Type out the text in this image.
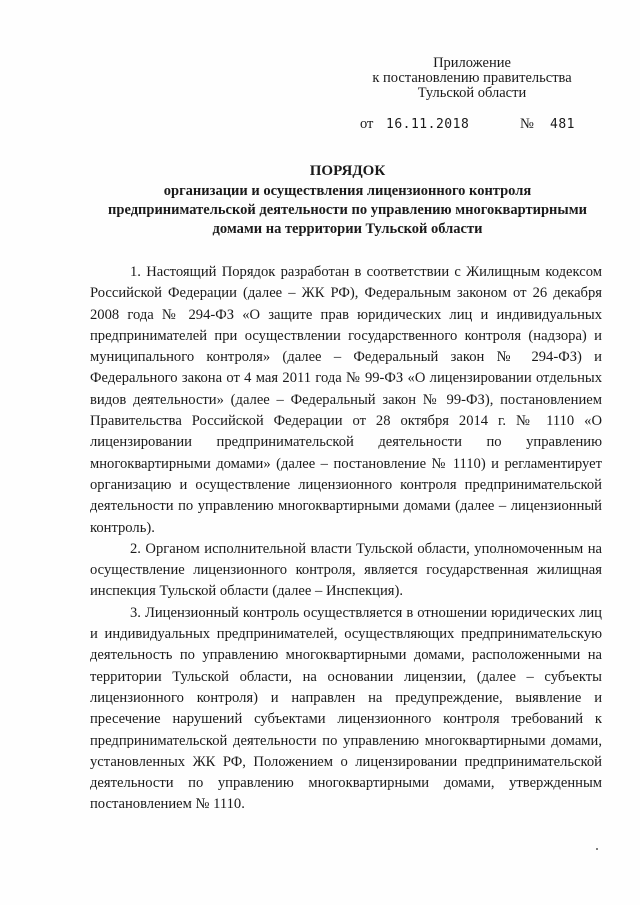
Приложение
к постановлению правительства
Тульской области
от 16.11.2018	№ 481
ПОРЯДОК
организации и осуществления лицензионного контроля
предпринимательской деятельности по управлению многоквартирными
домами на территории Тульской области

1. Настоящий Порядок разработан в соответствии с Жилищным кодексом Российской Федерации (далее – ЖК РФ), Федеральным законом от 26 декабря 2008 года № 294-ФЗ «О защите прав юридических лиц и индивидуальных предпринимателей при осуществлении государственного контроля (надзора) и муниципального контроля» (далее – Федеральный закон № 294-ФЗ) и Федерального закона от 4 мая 2011 года № 99-ФЗ «О лицензировании отдельных видов деятельности» (далее – Федеральный закон № 99-ФЗ), постановлением Правительства Российской Федерации от 28 октября 2014 г. № 1110 «О лицензировании предпринимательской деятельности по управлению многоквартирными домами» (далее – постановление № 1110) и регламентирует организацию и осуществление лицензионного контроля предпринимательской деятельности по управлению многоквартирными домами (далее – лицензионный контроль).

2. Органом исполнительной власти Тульской области, уполномоченным на осуществление лицензионного контроля, является государственная жилищная инспекция Тульской области (далее – Инспекция).

3. Лицензионный контроль осуществляется в отношении юридических лиц и индивидуальных предпринимателей, осуществляющих предпринимательскую деятельность по управлению многоквартирными домами, расположенными на территории Тульской области, на основании лицензии, (далее – субъекты лицензионного контроля) и направлен на предупреждение, выявление и пресечение нарушений субъектами лицензионного контроля требований к предпринимательской деятельности по управлению многоквартирными домами, установленных ЖК РФ, Положением о лицензировании предпринимательской деятельности по управлению многоквартирными домами, утвержденным постановлением № 1110.
